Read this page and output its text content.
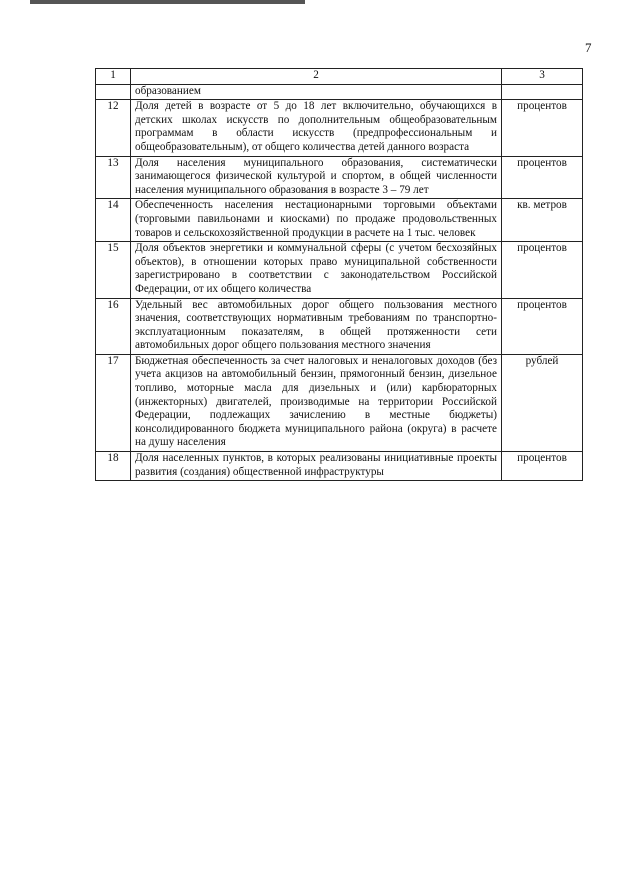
7
1	2	3
	образованием	
12	Доля детей в возрасте от 5 до 18 лет включительно, обучающихся в детских школах искусств по дополнительным общеобразовательным программам в области искусств (предпрофессиональным и общеобразовательным), от общего количества детей данного возраста	процентов
13	Доля населения муниципального образования, систематически занимающегося физической культурой и спортом, в общей численности населения муниципального образования в возрасте 3 – 79 лет	процентов
14	Обеспеченность населения нестационарными торговыми объектами (торговыми павильонами и киосками) по продаже продовольственных товаров и сельскохозяйственной продукции в расчете на 1 тыс. человек	кв. метров
15	Доля объектов энергетики и коммунальной сферы (с учетом бесхозяйных объектов), в отношении которых право муниципальной собственности зарегистрировано в соответствии с законодательством Российской Федерации, от их общего количества	процентов
16	Удельный вес автомобильных дорог общего пользования местного значения, соответствующих нормативным требованиям по транспортно-эксплуатационным показателям, в общей протяженности сети автомобильных дорог общего пользования местного значения	процентов
17	Бюджетная обеспеченность за счет налоговых и неналоговых доходов (без учета акцизов на автомобильный бензин, прямогонный бензин, дизельное топливо, моторные масла для дизельных и (или) карбюраторных (инжекторных) двигателей, производимые на территории Российской Федерации, подлежащих зачислению в местные бюджеты) консолидированного бюджета муниципального района (округа) в расчете на душу населения	рублей
18	Доля населенных пунктов, в которых реализованы инициативные проекты развития (создания) общественной инфраструктуры	процентов
